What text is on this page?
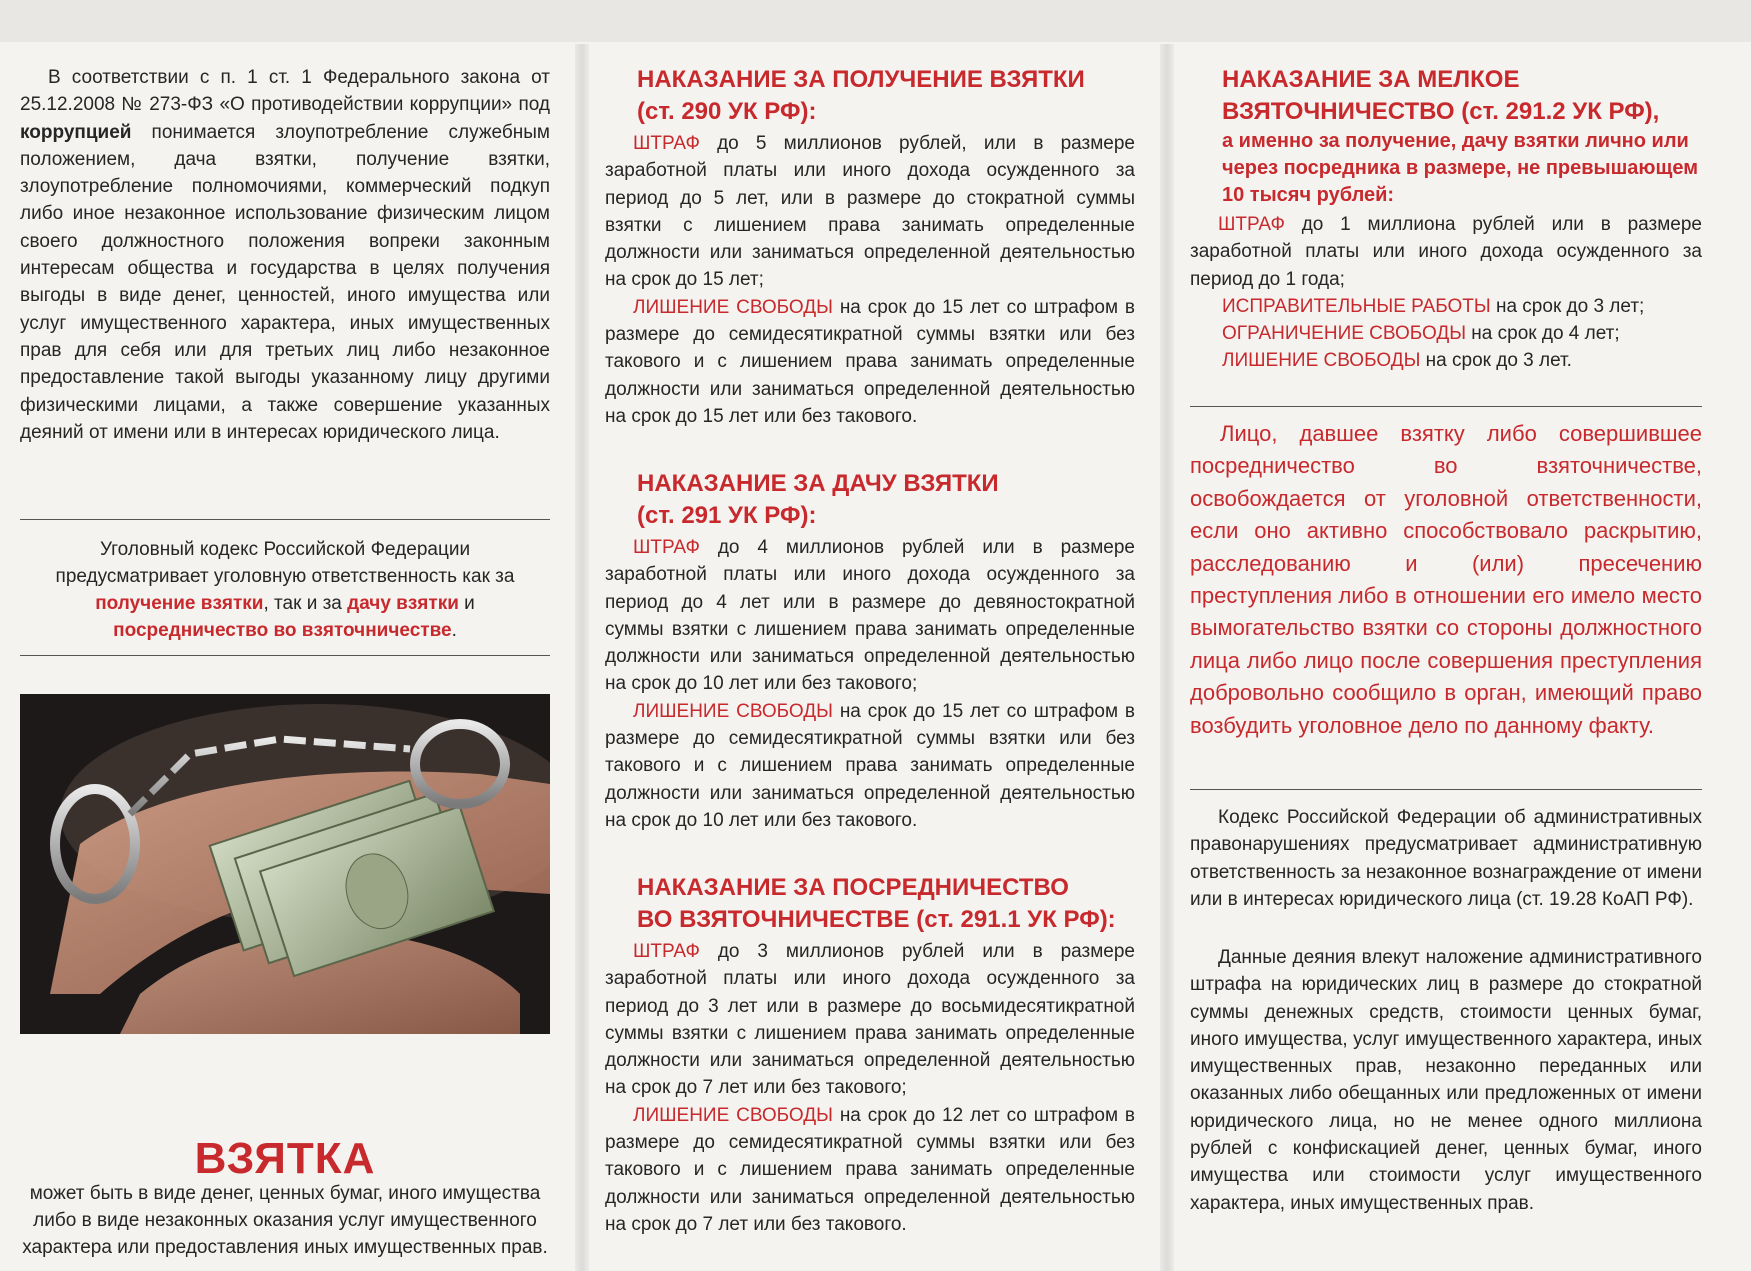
В соответствии с п. 1 ст. 1 Федерального закона от 25.12.2008 № 273-ФЗ «О противодействии коррупции» под коррупцией понимается злоупотребление служебным положением, дача взятки, получение взятки, злоупотребление полномочиями, коммерческий подкуп либо иное незаконное использование физическим лицом своего должностного положения вопреки законным интересам общества и государства в целях получения выгоды в виде денег, ценностей, иного имущества или услуг имущественного характера, иных имущественных прав для себя или для третьих лиц либо незаконное предоставление такой выгоды указанному лицу другими физическими лицами, а также совершение указанных деяний от имени или в интересах юридического лица.

Уголовный кодекс Российской Федерации предусматривает уголовную ответственность как за получение взятки, так и за дачу взятки и посредничество во взяточничестве.

ВЗЯТКА

может быть в виде денег, ценных бумаг, иного имущества либо в виде незаконных оказания услуг имущественного характера или предоставления иных имущественных прав.

НАКАЗАНИЕ ЗА ПОЛУЧЕНИЕ ВЗЯТКИ
(ст. 290 УК РФ):

ШТРАФ до 5 миллионов рублей, или в размере заработной платы или иного дохода осужденного за период до 5 лет, или в размере до стократной суммы взятки с лишением права занимать определенные должности или заниматься определенной деятельностью на срок до 15 лет;

ЛИШЕНИЕ СВОБОДЫ на срок до 15 лет со штрафом в размере до семидесятикратной суммы взятки или без такового и с лишением права занимать определенные должности или заниматься определенной деятельностью на срок до 15 лет или без такового.

НАКАЗАНИЕ ЗА ДАЧУ ВЗЯТКИ
(ст. 291 УК РФ):

ШТРАФ до 4 миллионов рублей или в размере заработной платы или иного дохода осужденного за период до 4 лет или в размере до девяностократной суммы взятки с лишением права занимать определенные должности или заниматься определенной деятельностью на срок до 10 лет или без такового;

ЛИШЕНИЕ СВОБОДЫ на срок до 15 лет со штрафом в размере до семидесятикратной суммы взятки или без такового и с лишением права занимать определенные должности или заниматься определенной деятельностью на срок до 10 лет или без такового.

НАКАЗАНИЕ ЗА ПОСРЕДНИЧЕСТВО
ВО ВЗЯТОЧНИЧЕСТВЕ (ст. 291.1 УК РФ):

ШТРАФ до 3 миллионов рублей или в размере заработной платы или иного дохода осужденного за период до 3 лет или в размере до восьмидесятикратной суммы взятки с лишением права занимать определенные должности или заниматься определенной деятельностью на срок до 7 лет или без такового;

ЛИШЕНИЕ СВОБОДЫ на срок до 12 лет со штрафом в размере до семидесятикратной суммы взятки или без такового и с лишением права занимать определенные должности или заниматься определенной деятельностью на срок до 7 лет или без такового.

НАКАЗАНИЕ ЗА МЕЛКОЕ
ВЗЯТОЧНИЧЕСТВО (ст. 291.2 УК РФ),

а именно за получение, дачу взятки лично или через посредника в размере, не превышающем 10 тысяч рублей:

ШТРАФ до 1 миллиона рублей или в размере заработной платы или иного дохода осужденного за период до 1 года;

ИСПРАВИТЕЛЬНЫЕ РАБОТЫ на срок до 3 лет;

ОГРАНИЧЕНИЕ СВОБОДЫ на срок до 4 лет;

ЛИШЕНИЕ СВОБОДЫ на срок до 3 лет.

Лицо, давшее взятку либо совершившее посредничество во взяточничестве, освобождается от уголовной ответственности, если оно активно способствовало раскрытию, расследованию и (или) пресечению преступления либо в отношении его имело место вымогательство взятки со стороны должностного лица либо лицо после совершения преступления добровольно сообщило в орган, имеющий право возбудить уголовное дело по данному факту.

Кодекс Российской Федерации об административных правонарушениях предусматривает административную ответственность за незаконное вознаграждение от имени или в интересах юридического лица (ст. 19.28 КоАП РФ).

Данные деяния влекут наложение административного штрафа на юридических лиц в размере до стократной суммы денежных средств, стоимости ценных бумаг, иного имущества, услуг имущественного характера, иных имущественных прав, незаконно переданных или оказанных либо обещанных или предложенных от имени юридического лица, но не менее одного миллиона рублей с конфискацией денег, ценных бумаг, иного имущества или стоимости услуг имущественного характера, иных имущественных прав.
